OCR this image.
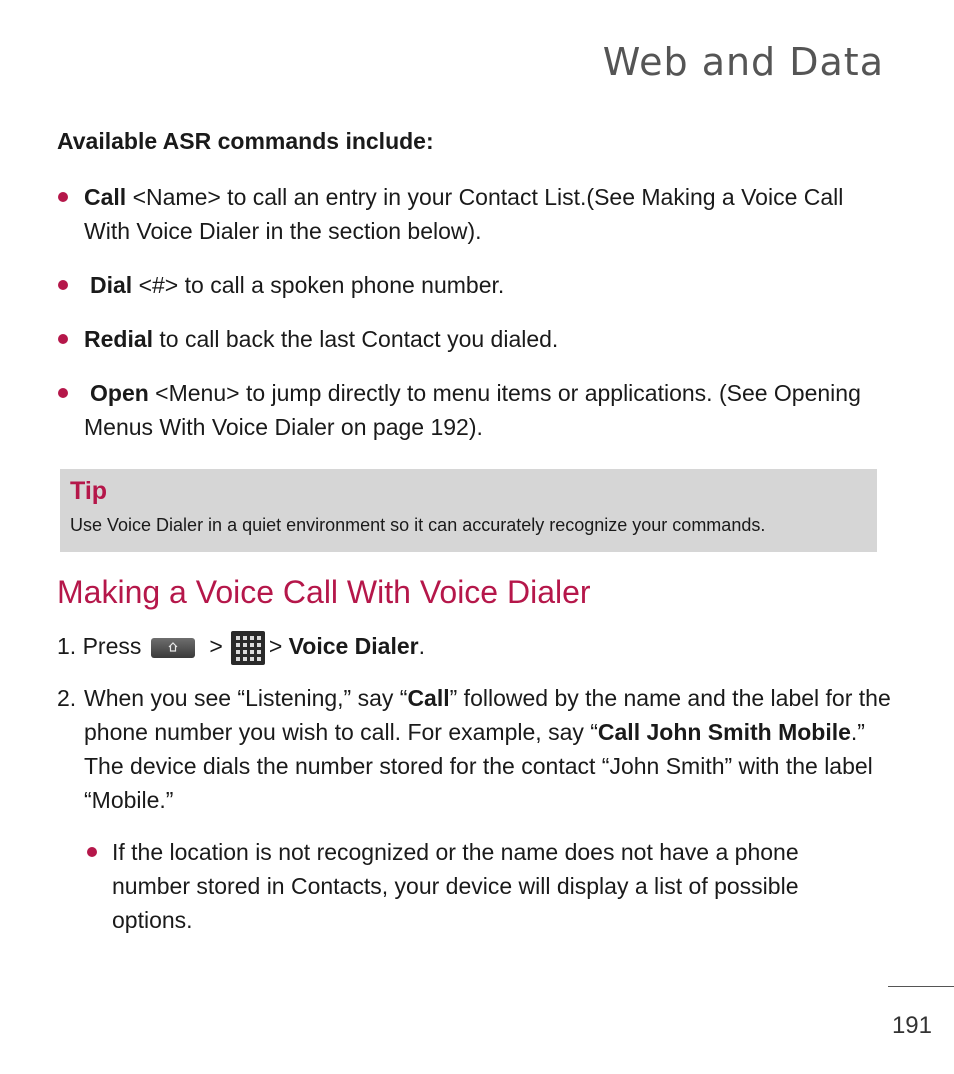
Web and Data
Available ASR commands include:
Call <Name> to call an entry in your Contact List.(See Making a Voice Call With Voice Dialer in the section below).
Dial <#> to call a spoken phone number.
Redial to call back the last Contact you dialed.
Open <Menu> to jump directly to menu items or applications. (See Opening Menus With Voice Dialer on page 192).
Tip
Use Voice Dialer in a quiet environment so it can accurately recognize your commands.
Making a Voice Call With Voice Dialer
1. Press	> > Voice Dialer.
2. When you see “Listening,” say “Call” followed by the name and the label for the phone number you wish to call. For example, say “Call John Smith Mobile.” The device dials the number stored for the contact “John Smith” with the label “Mobile.”
If the location is not recognized or the name does not have a phone number stored in Contacts, your device will display a list of possible options.
191
